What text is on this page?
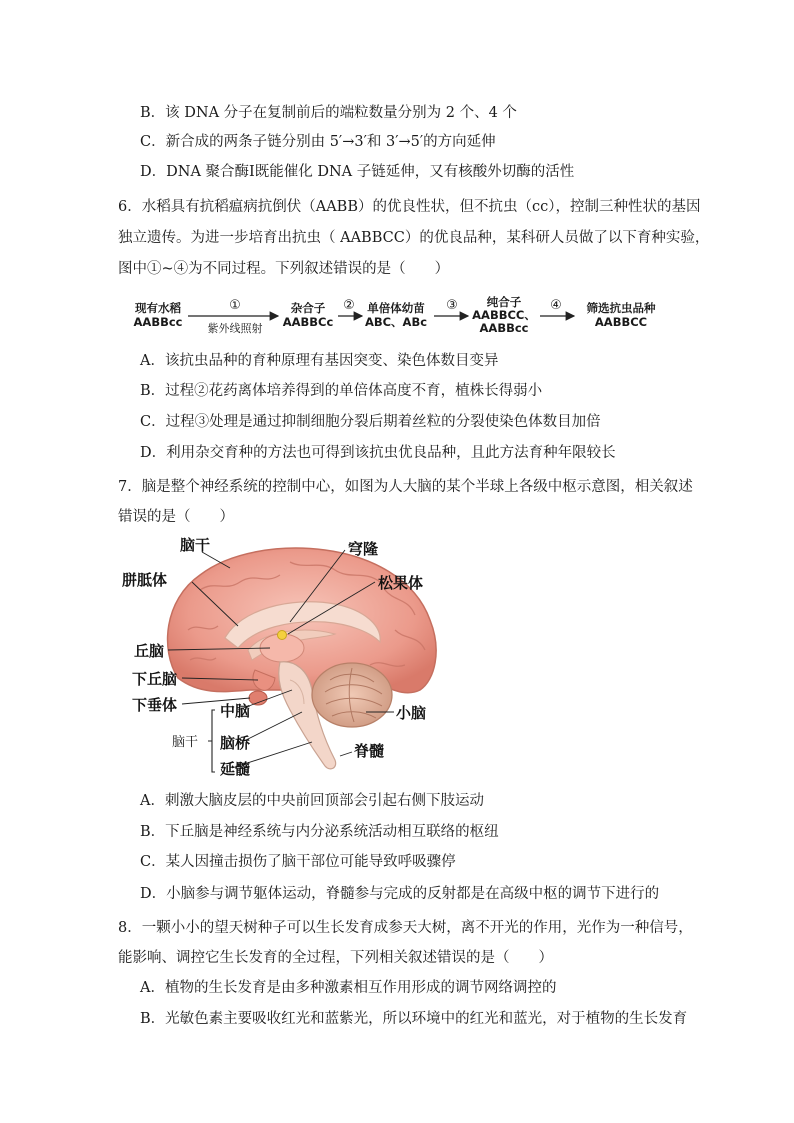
B．该 DNA 分子在复制前后的端粒数量分别为 2 个、4 个
C．新合成的两条子链分别由 5′→3′和 3′→5′的方向延伸
D．DNA 聚合酶Ⅰ既能催化 DNA 子链延伸，又有核酸外切酶的活性
6．水稻具有抗稻瘟病抗倒伏（AABB）的优良性状，但不抗虫（cc），控制三种性状的基因
独立遗传。为进一步培育出抗虫（ AABBCC）的优良品种，某科研人员做了以下育种实验，
图中①~④为不同过程。下列叙述错误的是（　　）
现有水稻
AABBcc
①
紫外线照射
杂合子
AABBCc
②	单倍体幼苗
ABC、ABc
③	纯合子
AABBCC、
AABBcc
④	筛选抗虫品种
AABBCC
A．该抗虫品种的育种原理有基因突变、染色体数目变异
B．过程②花药离体培养得到的单倍体高度不育，植株长得弱小
C．过程③处理是通过抑制细胞分裂后期着丝粒的分裂使染色体数目加倍
D．利用杂交育种的方法也可得到该抗虫优良品种，且此方法育种年限较长
7．脑是整个神经系统的控制中心，如图为人大脑的某个半球上各级中枢示意图，相关叙述
错误的是（　　）
脑干
胼胝体
穹隆
松果体
丘脑
下丘脑
下垂体	中脑
脑干 脑桥
延髓
小脑
脊髓
A．刺激大脑皮层的中央前回顶部会引起右侧下肢运动
B．下丘脑是神经系统与内分泌系统活动相互联络的枢纽
C．某人因撞击损伤了脑干部位可能导致呼吸骤停
D．小脑参与调节躯体运动，脊髓参与完成的反射都是在高级中枢的调节下进行的
8．一颗小小的望天树种子可以生长发育成参天大树，离不开光的作用，光作为一种信号，
能影响、调控它生长发育的全过程，下列相关叙述错误的是（　　）
A．植物的生长发育是由多种激素相互作用形成的调节网络调控的
B．光敏色素主要吸收红光和蓝紫光，所以环境中的红光和蓝光，对于植物的生长发育
